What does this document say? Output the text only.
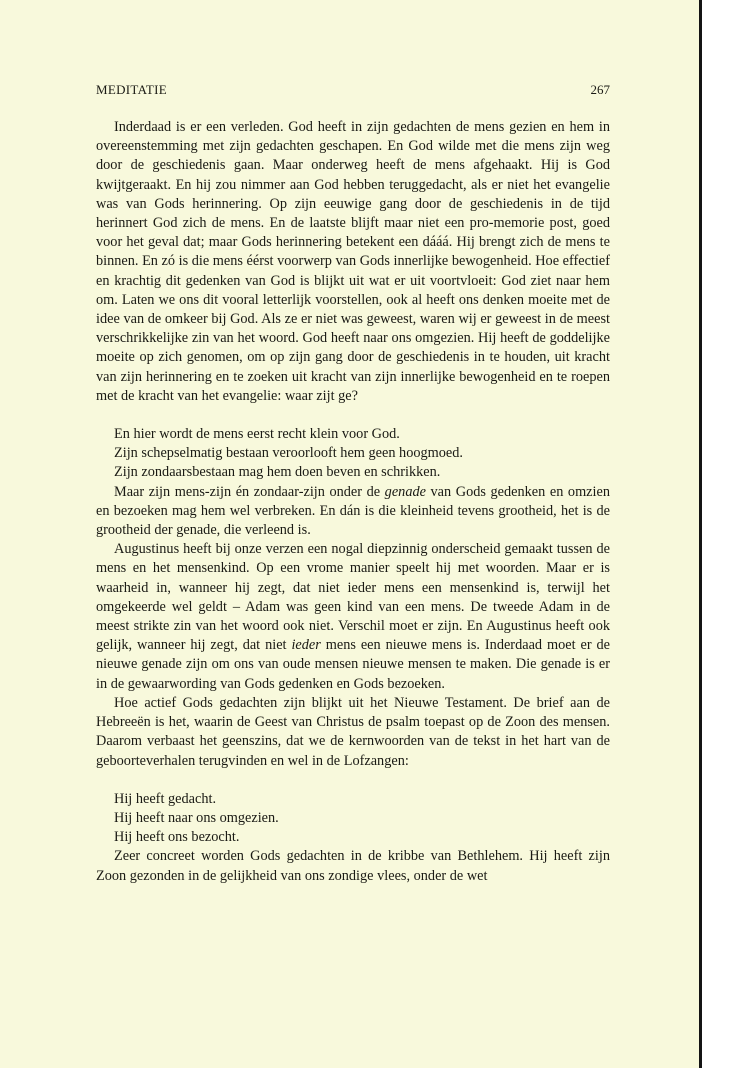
MEDITATIE	267

Inderdaad is er een verleden. God heeft in zijn gedachten de mens gezien en hem in overeenstemming met zijn gedachten geschapen. En God wilde met die mens zijn weg door de geschiedenis gaan. Maar onderweg heeft de mens afgehaakt. Hij is God kwijtgeraakt. En hij zou nimmer aan God hebben teruggedacht, als er niet het evangelie was van Gods herinnering. Op zijn eeuwige gang door de geschiedenis in de tijd herinnert God zich de mens. En de laatste blijft maar niet een pro-memorie post, goed voor het geval dat; maar Gods herinnering betekent een dááá. Hij brengt zich de mens te binnen. En zó is die mens éérst voorwerp van Gods innerlijke bewogenheid. Hoe effectief en krachtig dit gedenken van God is blijkt uit wat er uit voortvloeit: God ziet naar hem om. Laten we ons dit vooral letterlijk voorstellen, ook al heeft ons denken moeite met de idee van de omkeer bij God. Als ze er niet was geweest, waren wij er geweest in de meest verschrikkelijke zin van het woord. God heeft naar ons omgezien. Hij heeft de goddelijke moeite op zich genomen, om op zijn gang door de geschiedenis in te houden, uit kracht van zijn herinnering en te zoeken uit kracht van zijn innerlijke bewogenheid en te roepen met de kracht van het evangelie: waar zijt ge?

En hier wordt de mens eerst recht klein voor God.

Zijn schepselmatig bestaan veroorlooft hem geen hoogmoed.

Zijn zondaarsbestaan mag hem doen beven en schrikken.

Maar zijn mens-zijn én zondaar-zijn onder de genade van Gods gedenken en omzien en bezoeken mag hem wel verbreken. En dán is die kleinheid tevens grootheid, het is de grootheid der genade, die verleend is.

Augustinus heeft bij onze verzen een nogal diepzinnig onderscheid gemaakt tussen de mens en het mensenkind. Op een vrome manier speelt hij met woorden. Maar er is waarheid in, wanneer hij zegt, dat niet ieder mens een mensenkind is, terwijl het omgekeerde wel geldt – Adam was geen kind van een mens. De tweede Adam in de meest strikte zin van het woord ook niet. Verschil moet er zijn. En Augustinus heeft ook gelijk, wanneer hij zegt, dat niet ieder mens een nieuwe mens is. Inderdaad moet er de nieuwe genade zijn om ons van oude mensen nieuwe mensen te maken. Die genade is er in de gewaarwording van Gods gedenken en Gods bezoeken.

Hoe actief Gods gedachten zijn blijkt uit het Nieuwe Testament. De brief aan de Hebreeën is het, waarin de Geest van Christus de psalm toepast op de Zoon des mensen. Daarom verbaast het geenszins, dat we de kernwoorden van de tekst in het hart van de geboorteverhalen terugvinden en wel in de Lofzangen:

Hij heeft gedacht.

Hij heeft naar ons omgezien.

Hij heeft ons bezocht.

Zeer concreet worden Gods gedachten in de kribbe van Bethlehem. Hij heeft zijn Zoon gezonden in de gelijkheid van ons zondige vlees, onder de wet
